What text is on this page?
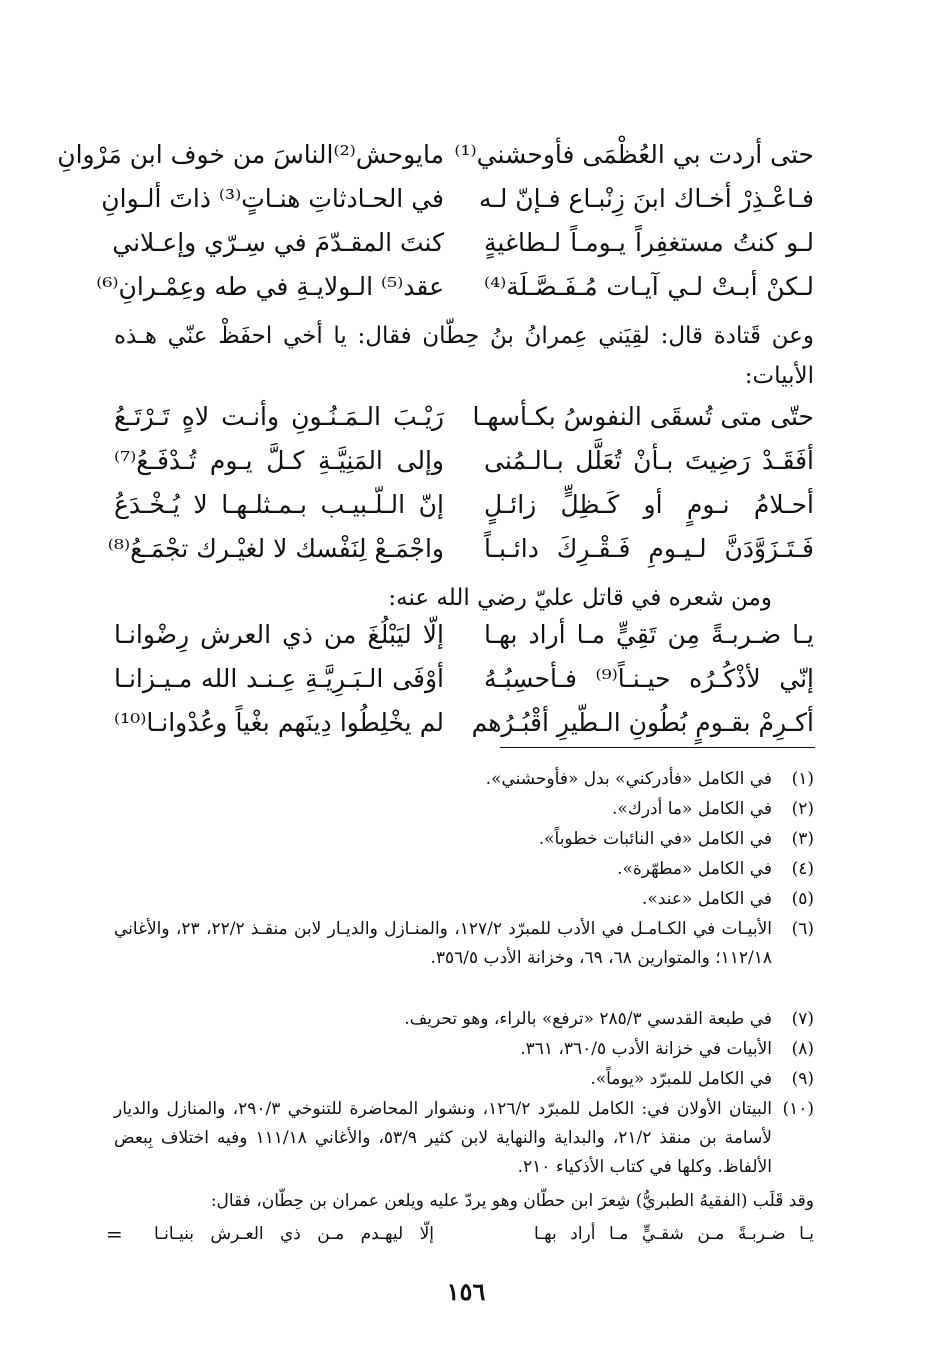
حتى أردت بي العُظْمَى فأوحشني⁽¹⁾
مايوحش⁽²⁾الناسَ من خوف ابن مَرْوانِ
فـاعْـذِرْ أخـاك ابنَ زِنْبـاع فـإنّ لـه
في الحـادثاتِ هنـاتٍ⁽³⁾ ذاتَ ألـوانِ
لـو كنتُ مستغفِراً يـومـاً لـطاغيةٍ
كنتَ المقـدّمَ في سِـرّي وإعـلاني
لـكنْ أبـتْ لـي آيـات مُـفَـصَّـلَة⁽⁴⁾
عقد⁽⁵⁾ الـولايـةِ في طه وعِمْـرانِ⁽⁶⁾
وعن قَتادة قال: لقِيَني عِمرانُ بنُ حِطّان فقال: يا أخي احفَظْ عنّي هـذه الأبيات:
حتّى متى تُسقَى النفوسُ بكـأسهـا
رَيْـبَ الـمَـنُـونِ وأنـت لاهٍ تَـرْتَـعُ
أفَقَـدْ رَضِيتَ بـأنْ تُعَلَّل بـالـمُنى
وإلى المَنِيَّـةِ كـلَّ يـوم تُـدْفَـعُ⁽⁷⁾
أحـلامُ نـومٍ أو كَـظِلٍّ زائـلٍ
إنّ الـلّـبيـب بـمـثلـهـا لا يُـخْـدَعُ
فَـتَـزَوَّدَنَّ لـيـومِ فَـقْـرِكَ دائـبـاً
واجْمَـعْ لِنَفْسك لا لغيْـرك تجْمَـعُ⁽⁸⁾
ومن شعره في قاتل عليّ رضي الله عنه:
يـا ضـربـةً مِن تَقِيٍّ مـا أراد بهـا
إلّا ليَبْلُغَ من ذي العرش رِضْوانـا
إنّي لأذْكُـرُه حيـنـاً⁽⁹⁾ فـأحسِبُـهُ
أوْفَى الـبَـرِيَّـةِ عِـنـد الله مـيـزانـا
أكـرِمْ بقـومٍ بُطُونِ الـطّيرِ أقْبُـرُهم
لم يخْلِطُوا دِينَهم بغْياً وعُدْوانـا⁽¹⁰⁾
(١)
في الكامل «فأدركني» بدل «فأوحشني».
(٢)
في الكامل «ما أدرك».
(٣)
في الكامل «في النائبات خطوباً».
(٤)
في الكامل «مطهّرة».
(٥)
في الكامل «عند».
(٦)
الأبيـات في الكـامـل في الأدب للمبرّد ١٢٧/٢، والمنـازل والديـار لابن منقـذ ٢٢/٢، ٢٣، والأغاني ١١٢/١٨؛ والمتوارين ٦٨، ٦٩، وخزانة الأدب ٣٥٦/٥.
(٧)
في طبعة القدسي ٢٨٥/٣ «ترفع» بالراء، وهو تحريف.
(٨)
الأبيات في خزانة الأدب ٣٦٠/٥، ٣٦١.
(٩)
في الكامل للمبرّد «يوماً».
(١٠)
البيتان الأولان في: الكامل للمبرّد ١٢٦/٢، ونشوار المحاضرة للتنوخي ٢٩٠/٣، والمنازل والديار لأسامة بن منقذ ٢١/٢، والبداية والنهاية لابن كثير ٥٣/٩، والأغاني ١١١/١٨ وفيه اختلاف بِبعض الألفاظ. وكلها في كتاب الأذكياء ٢١٠.
وقد قَلَب (الفقيهُ الطبريُّ) شِعرَ ابن حطّان وهو يردّ عليه ويلعن عمران بن حِطّان، فقال:
يـا ضـربـةً مـن شقـيٍّ مـا أراد بهـا
إلّا ليهـدم مـن ذي العـرش بنيـانـا
=
١٥٦
